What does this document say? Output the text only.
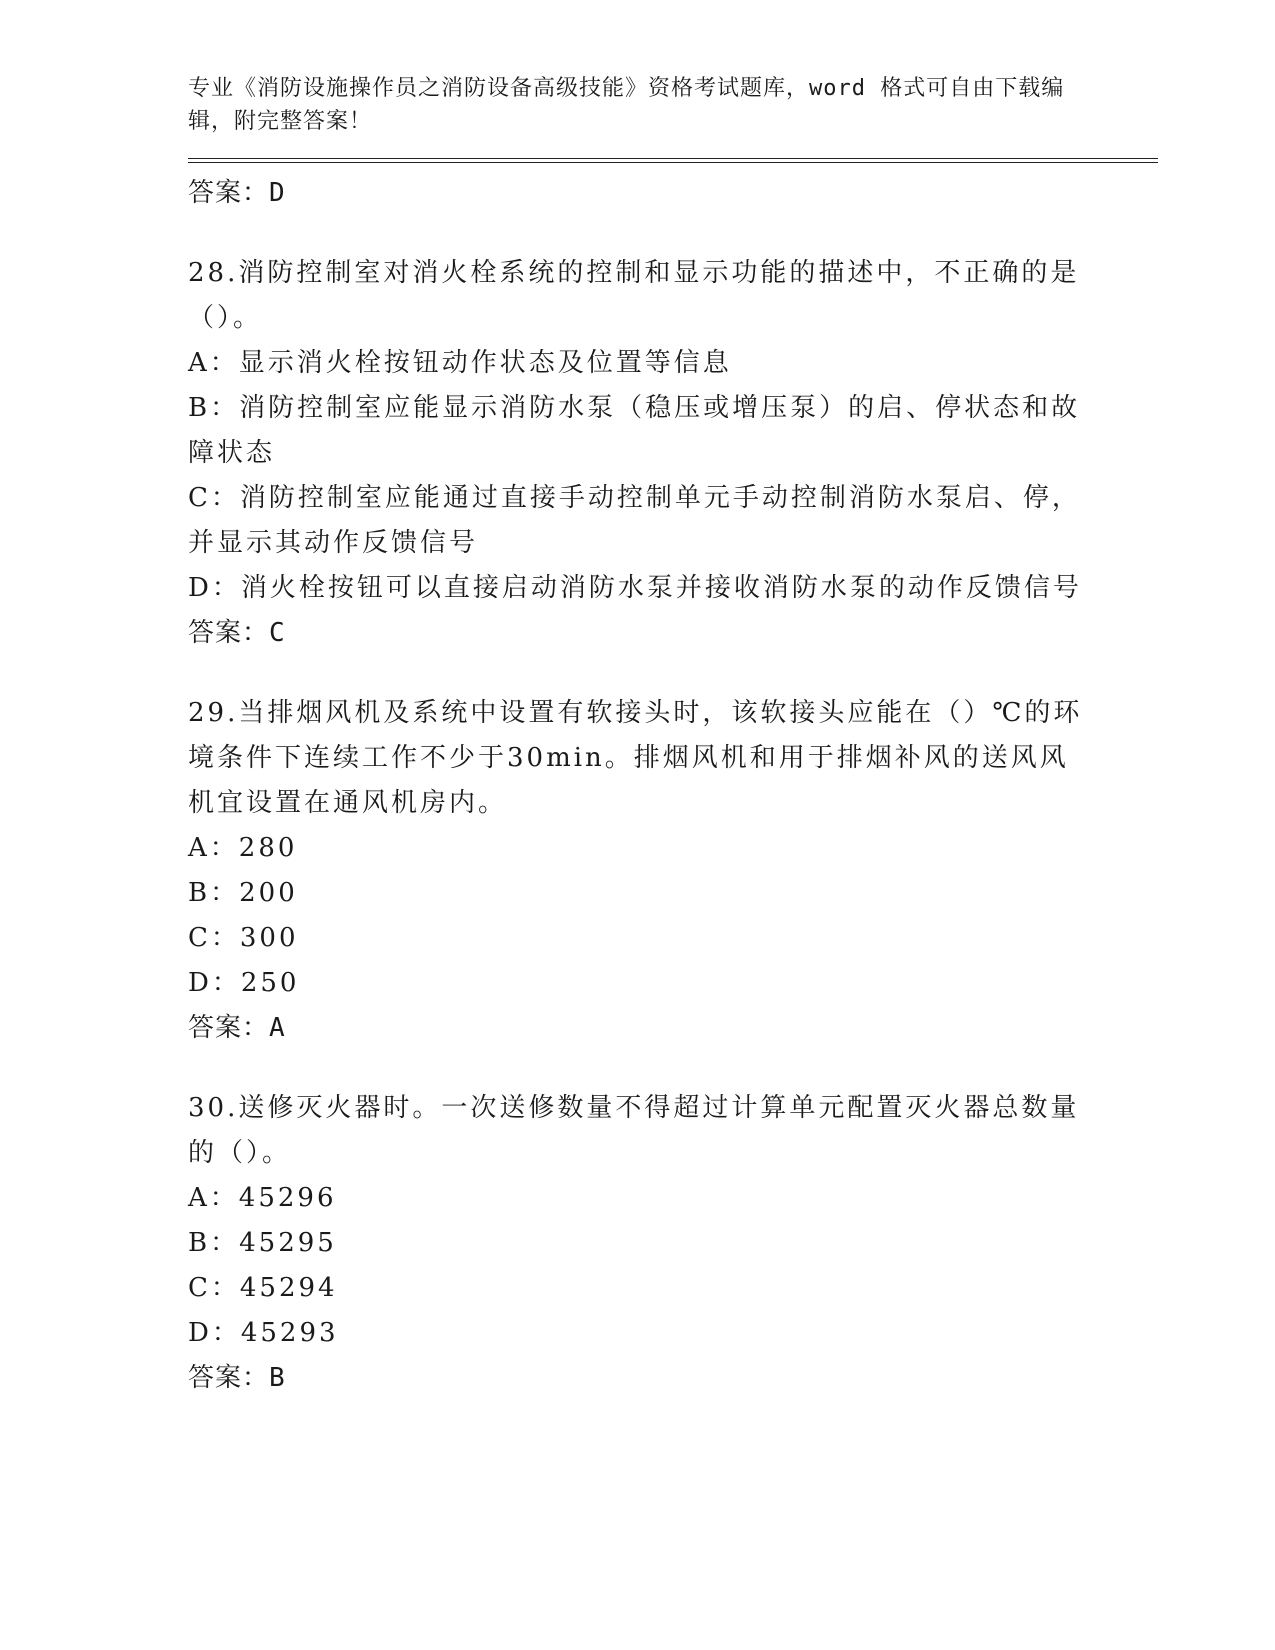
专业《消防设施操作员之消防设备高级技能》资格考试题库，word 格式可自由下载编辑，附完整答案！
答案：D
28.消防控制室对消火栓系统的控制和显示功能的描述中，不正确的是（）。
A：显示消火栓按钮动作状态及位置等信息
B：消防控制室应能显示消防水泵（稳压或增压泵）的启、停状态和故障状态
C：消防控制室应能通过直接手动控制单元手动控制消防水泵启、停，并显示其动作反馈信号
D：消火栓按钮可以直接启动消防水泵并接收消防水泵的动作反馈信号
答案：C
29.当排烟风机及系统中设置有软接头时，该软接头应能在（）℃的环境条件下连续工作不少于30min。排烟风机和用于排烟补风的送风风机宜设置在通风机房内。
A：280
B：200
C：300
D：250
答案：A
30.送修灭火器时。一次送修数量不得超过计算单元配置灭火器总数量的（）。
A：45296
B：45295
C：45294
D：45293
答案：B
